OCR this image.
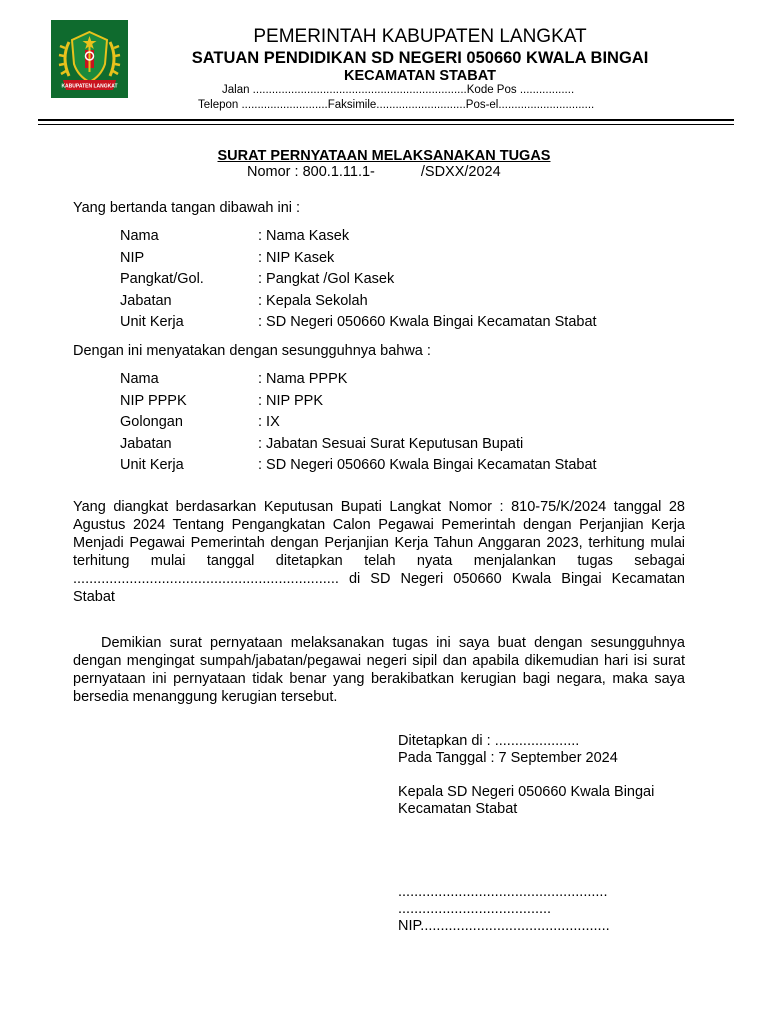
KABUPATEN LANGKAT
PEMERINTAH KABUPATEN LANGKAT
SATUAN PENDIDIKAN SD NEGERI 050660 KWALA BINGAI
KECAMATAN STABAT
Jalan ...................................................................Kode Pos .................
Telepon ...........................Faksimile............................Pos-el..............................
SURAT PERNYATAAN MELAKSANAKAN TUGAS
Nomor : 800.1.11.1-	/SDXX/2024
Yang bertanda tangan dibawah ini :
Nama	: Nama Kasek
NIP	: NIP Kasek
Pangkat/Gol.	: Pangkat /Gol Kasek
Jabatan	: Kepala Sekolah
Unit Kerja	: SD Negeri 050660 Kwala Bingai Kecamatan Stabat
Dengan ini menyatakan dengan sesungguhnya bahwa :
Nama	: Nama PPPK
NIP PPPK	: NIP PPK
Golongan	: IX
Jabatan	: Jabatan Sesuai Surat Keputusan Bupati
Unit Kerja	: SD Negeri 050660 Kwala Bingai Kecamatan Stabat
Yang diangkat berdasarkan Keputusan Bupati Langkat Nomor : 810-75/K/2024 tanggal 28 Agustus 2024 Tentang Pengangkatan Calon Pegawai Pemerintah dengan Perjanjian Kerja Menjadi Pegawai Pemerintah dengan Perjanjian Kerja Tahun Anggaran 2023, terhitung mulai terhitung mulai tanggal ditetapkan telah nyata menjalankan tugas sebagai .................................................................. di SD Negeri 050660 Kwala Bingai Kecamatan Stabat
Demikian surat pernyataan melaksanakan tugas ini saya buat dengan sesungguhnya dengan mengingat sumpah/jabatan/pegawai negeri sipil dan apabila dikemudian hari isi surat pernyataan ini pernyataan tidak benar yang berakibatkan kerugian bagi negara, maka saya bersedia menanggung kerugian tersebut.
Ditetapkan di : .....................
Pada Tanggal : 7 September 2024
Kepala SD Negeri 050660 Kwala Bingai
Kecamatan Stabat
....................................................
......................................
NIP...............................................
